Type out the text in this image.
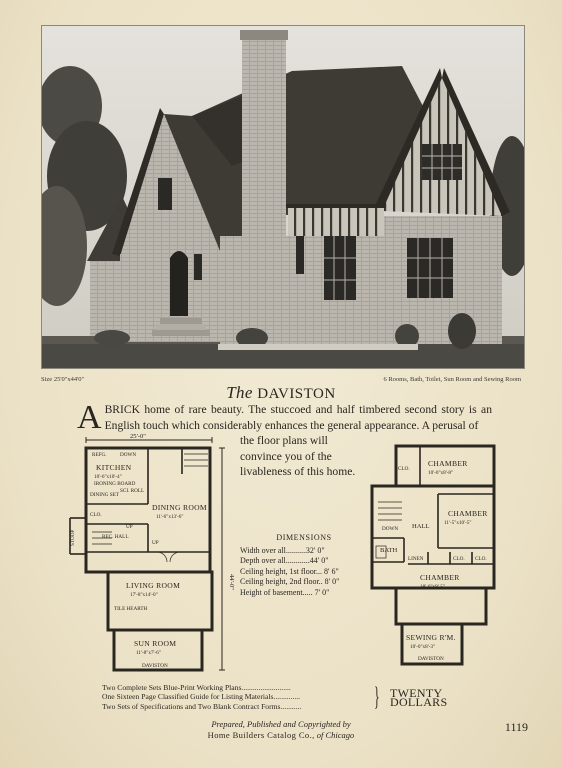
Size 25'0"x44'0"	6 Rooms, Bath, Toilet, Sun Room and Sewing Room
The DAVISTON
A BRICK home of rare beauty. The stuccoed and half timbered second story is an English touch which considerably enhances the general appearance. A perusal of
the floor plans will convince you of the livableness of this home.
REFG.	DOWN
KITCHEN
10'-6"x10'-4"
IRONING BOARD
SCI. ROLL
DINING SET
DINING ROOM
11'-6"x13'-6"
CLO.
REC. HALL
UP
UP
STOOP
LIVING ROOM
17'-8"x14'-0"
TILE HEARTH
SUN ROOM
11'-8"x7'-6"
DAVISTON
25'-0"
44'-0"
DIMENSIONS
Width over all..........32' 0"
Depth over all............44' 0"
Ceiling height, 1st floor... 8' 6"
Ceiling height, 2nd floor.. 8' 0"
Height of basement..... 7' 0"
CLO.
CHAMBER
10'-0"x8'-8"
CHAMBER
11'-5"x10'-5"
DOWN HALL
BATH
LINEN	CLO. CLO.
CHAMBER
18'-6"x9'-5"
SEWING R'M.
10'-0"x8'-3"
DAVISTON
Two Complete Sets Blue-Print Working Plans..........................
One Sixteen Page Classified Guide for Listing Materials..............
Two Sets of Specifications and Two Blank Contract Forms...........	} TWENTY DOLLARS
Prepared, Published and Copyrighted by
Home Builders Catalog Co., of Chicago
1119
